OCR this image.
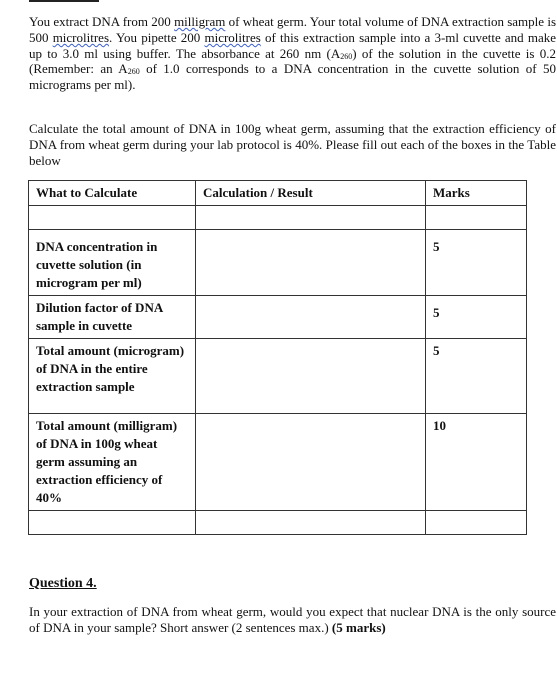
You extract DNA from 200 milligram of wheat germ. Your total volume of DNA extraction sample is 500 microlitres. You pipette 200 microlitres of this extraction sample into a 3-ml cuvette and make up to 3.0 ml using buffer. The absorbance at 260 nm $(A_{260})$ of the solution in the cuvette is 0.2 (Remember: an $A_{260}$ of 1.0 corresponds to a DNA concentration in the cuvette solution of 50 micrograms per ml).

Calculate the total amount of DNA in 100g wheat germ, assuming that the extraction efficiency of DNA from wheat germ during your lab protocol is 40%. Please fill out each of the boxes in the Table below

What to Calculate	Calculation / Result	Marks

DNA concentration in cuvette solution (in microgram per ml)		5
Dilution factor of DNA sample in cuvette		5
Total amount (microgram) of DNA in the entire extraction sample		5
Total amount (milligram) of DNA in 100g wheat germ assuming an extraction efficiency of 40%		10

Question 4.

In your extraction of DNA from wheat germ, would you expect that nuclear DNA is the only source of DNA in your sample? Short answer (2 sentences max.) (5 marks)
